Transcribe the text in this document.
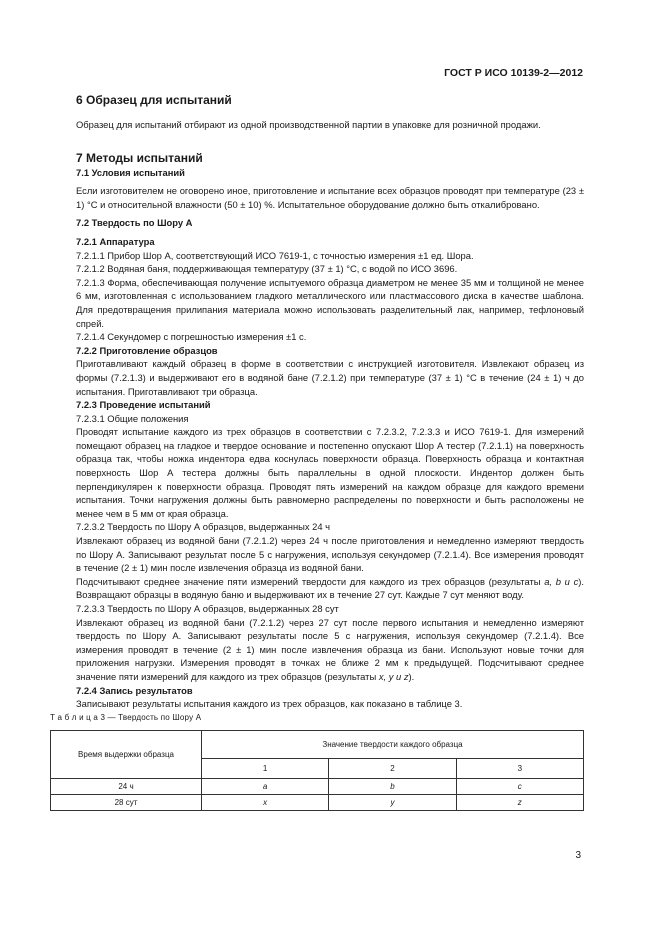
ГОСТ Р ИСО 10139-2—2012
6 Образец для испытаний

Образец для испытаний отбирают из одной производственной партии в упаковке для розничной продажи.

7 Методы испытаний

7.1 Условия испытаний

Если изготовителем не оговорено иное, приготовление и испытание всех образцов проводят при температуре (23 ± 1) °С и относительной влажности (50 ± 10) %. Испытательное оборудование должно быть откалибровано.

7.2 Твердость по Шору А

7.2.1 Аппаратура

7.2.1.1 Прибор Шор А, соответствующий ИСО 7619-1, с точностью измерения ±1 ед. Шора.

7.2.1.2 Водяная баня, поддерживающая температуру (37 ± 1) °С, с водой по ИСО 3696.

7.2.1.3 Форма, обеспечивающая получение испытуемого образца диаметром не менее 35 мм и толщиной не менее 6 мм, изготовленная с использованием гладкого металлического или пластмассового диска в качестве шаблона. Для предотвращения прилипания материала можно использовать разделительный лак, например, тефлоновый спрей.

7.2.1.4 Секундомер с погрешностью измерения ±1 с.

7.2.2 Приготовление образцов

Приготавливают каждый образец в форме в соответствии с инструкцией изготовителя. Извлекают образец из формы (7.2.1.3) и выдерживают его в водяной бане (7.2.1.2) при температуре (37 ± 1) °С в течение (24 ± 1) ч до испытания. Приготавливают три образца.

7.2.3 Проведение испытаний

7.2.3.1 Общие положения

Проводят испытание каждого из трех образцов в соответствии с 7.2.3.2, 7.2.3.3 и ИСО 7619-1. Для измерений помещают образец на гладкое и твердое основание и постепенно опускают Шор А тестер (7.2.1.1) на поверхность образца так, чтобы ножка индентора едва коснулась поверхности образца. Поверхность образца и контактная поверхность Шор А тестера должны быть параллельны в одной плоскости. Индентор должен быть перпендикулярен к поверхности образца. Проводят пять измерений на каждом образце для каждого времени испытания. Точки нагружения должны быть равномерно распределены по поверхности и быть расположены не менее чем в 5 мм от края образца.

7.2.3.2 Твердость по Шору А образцов, выдержанных 24 ч

Извлекают образец из водяной бани (7.2.1.2) через 24 ч после приготовления и немедленно измеряют твердость по Шору А. Записывают результат после 5 с нагружения, используя секундомер (7.2.1.4). Все измерения проводят в течение (2 ± 1) мин после извлечения образца из водяной бани.

Подсчитывают среднее значение пяти измерений твердости для каждого из трех образцов (результаты a, b и c). Возвращают образцы в водяную баню и выдерживают их в течение 27 сут. Каждые 7 сут меняют воду.

7.2.3.3 Твердость по Шору А образцов, выдержанных 28 сут

Извлекают образец из водяной бани (7.2.1.2) через 27 сут после первого испытания и немедленно измеряют твердость по Шору А. Записывают результаты после 5 с нагружения, используя секундомер (7.2.1.4). Все измерения проводят в течение (2 ± 1) мин после извлечения образца из бани. Используют новые точки для приложения нагрузки. Измерения проводят в точках не ближе 2 мм к предыдущей. Подсчитывают среднее значение пяти измерений для каждого из трех образцов (результаты x, y и z).

7.2.4 Запись результатов

Записывают результаты испытания каждого из трех образцов, как показано в таблице 3.

Т а б л и ц а 3 — Твердость по Шору А

Время выдержки образца	Значение твердости каждого образца		
	1	2	3
24 ч	a	b	c
28 сут	x	y	z
3
